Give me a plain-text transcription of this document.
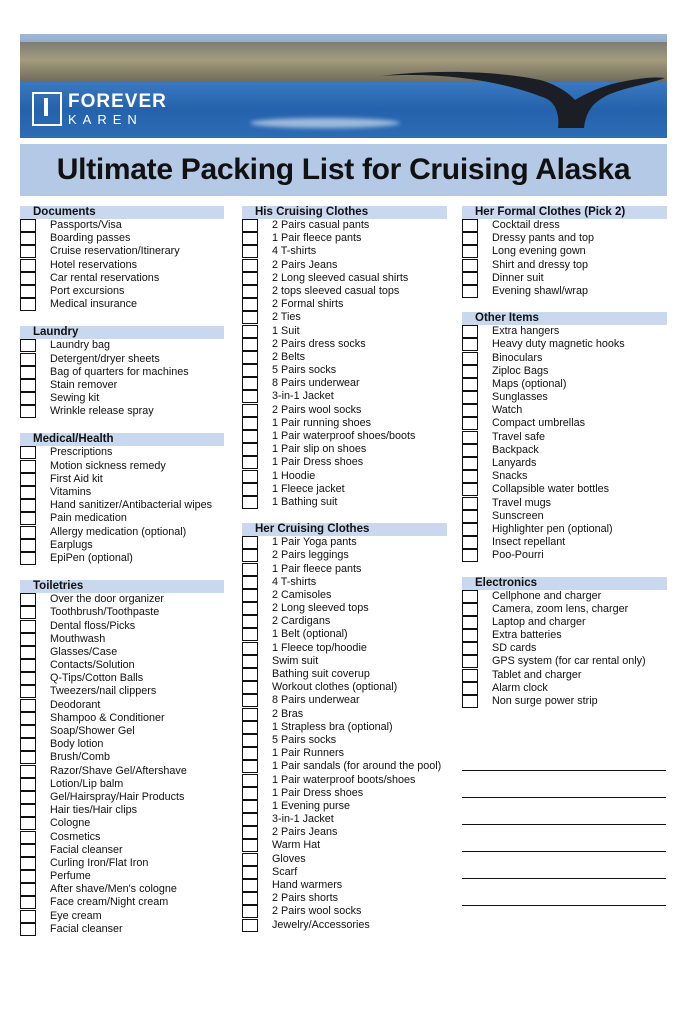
FOREVER
KAREN
Ultimate Packing List for Cruising Alaska
Documents
Passports/Visa
Boarding passes
Cruise reservation/Itinerary
Hotel reservations
Car rental reservations
Port excursions
Medical insurance
Laundry
Laundry bag
Detergent/dryer sheets
Bag of quarters for machines
Stain remover
Sewing kit
Wrinkle release spray
Medical/Health
Prescriptions
Motion sickness remedy
First Aid kit
Vitamins
Hand sanitizer/Antibacterial wipes
Pain medication
Allergy medication (optional)
Earplugs
EpiPen (optional)
Toiletries
Over the door organizer
Toothbrush/Toothpaste
Dental floss/Picks
Mouthwash
Glasses/Case
Contacts/Solution
Q-Tips/Cotton Balls
Tweezers/nail clippers
Deodorant
Shampoo & Conditioner
Soap/Shower Gel
Body lotion
Brush/Comb
Razor/Shave Gel/Aftershave
Lotion/Lip balm
Gel/Hairspray/Hair Products
Hair ties/Hair clips
Cologne
Cosmetics
Facial cleanser
Curling Iron/Flat Iron
Perfume
After shave/Men's cologne
Face cream/Night cream
Eye cream
Facial cleanser
His Cruising Clothes
2 Pairs casual pants
1 Pair fleece pants
4 T-shirts
2 Pairs Jeans
2 Long sleeved casual shirts
2 tops sleeved casual tops
2 Formal shirts
2 Ties
1 Suit
2 Pairs dress socks
2 Belts
5 Pairs socks
8 Pairs underwear
3-in-1 Jacket
2 Pairs wool socks
1 Pair running shoes
1 Pair waterproof shoes/boots
1 Pair slip on shoes
1 Pair Dress shoes
1 Hoodie
1 Fleece jacket
1 Bathing suit
Her Cruising Clothes
1 Pair Yoga pants
2 Pairs leggings
1 Pair fleece pants
4 T-shirts
2 Camisoles
2 Long sleeved tops
2 Cardigans
1 Belt (optional)
1 Fleece top/hoodie
Swim suit
Bathing suit coverup
Workout clothes (optional)
8 Pairs underwear
2 Bras
1 Strapless bra (optional)
5 Pairs socks
1 Pair Runners
1 Pair sandals (for around the pool)
1 Pair waterproof boots/shoes
1 Pair Dress shoes
1 Evening purse
3-in-1 Jacket
2 Pairs Jeans
Warm Hat
Gloves
Scarf
Hand warmers
2 Pairs shorts
2 Pairs wool socks
Jewelry/Accessories
Her Formal Clothes (Pick 2)
Cocktail dress
Dressy pants and top
Long evening gown
Shirt and dressy top
Dinner suit
Evening shawl/wrap
Other Items
Extra hangers
Heavy duty magnetic hooks
Binoculars
Ziploc Bags
Maps (optional)
Sunglasses
Watch
Compact umbrellas
Travel safe
Backpack
Lanyards
Snacks
Collapsible water bottles
Travel mugs
Sunscreen
Highlighter pen (optional)
Insect repellant
Poo-Pourri
Electronics
Cellphone and charger
Camera, zoom lens, charger
Laptop and charger
Extra batteries
SD cards
GPS system (for car rental only)
Tablet and charger
Alarm clock
Non surge power strip
